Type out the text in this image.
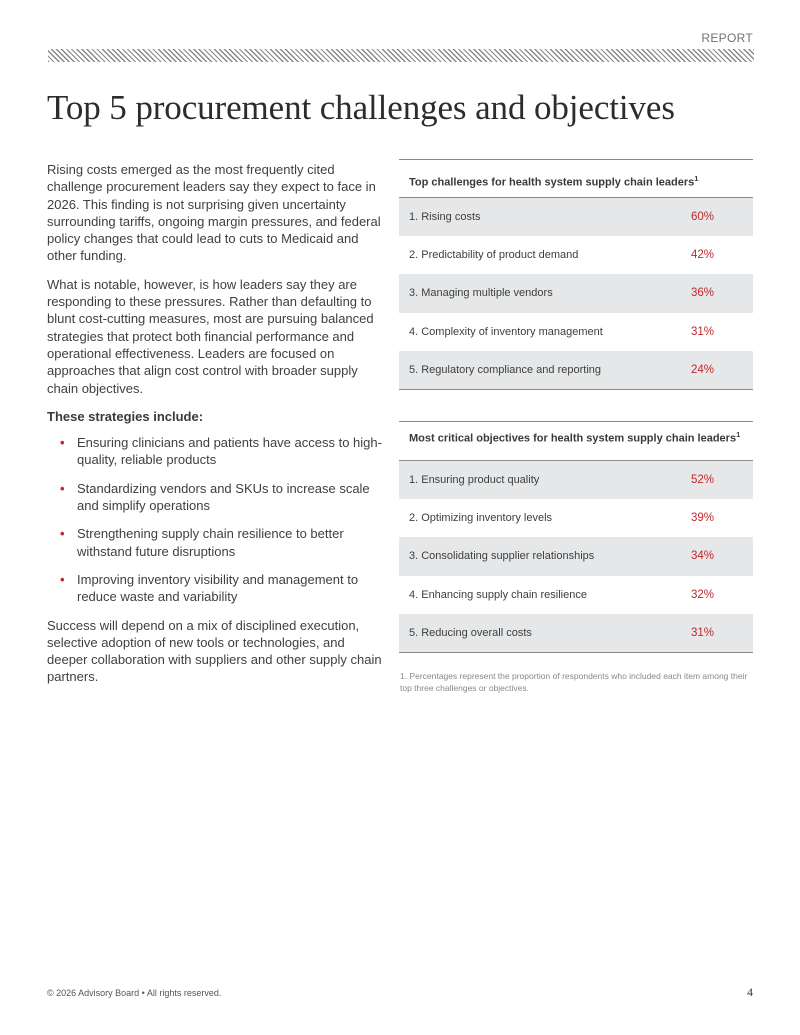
REPORT
Top 5 procurement challenges and objectives

Rising costs emerged as the most frequently cited challenge procurement leaders say they expect to face in 2026. This finding is not surprising given uncertainty surrounding tariffs, ongoing margin pressures, and federal policy changes that could lead to cuts to Medicaid and other funding.

What is notable, however, is how leaders say they are responding to these pressures. Rather than defaulting to blunt cost-cutting measures, most are pursuing balanced strategies that protect both financial performance and operational effectiveness. Leaders are focused on approaches that align cost control with broader supply chain objectives.

These strategies include:

• Ensuring clinicians and patients have access to high-quality, reliable products
• Standardizing vendors and SKUs to increase scale and simplify operations
• Strengthening supply chain resilience to better withstand future disruptions
• Improving inventory visibility and management to reduce waste and variability

Success will depend on a mix of disciplined execution, selective adoption of new tools or technologies, and deeper collaboration with suppliers and other supply chain partners.

Top challenges for health system supply chain leaders$^1$
1. Rising costs	60%
2. Predictability of product demand	42%
3. Managing multiple vendors	36%
4. Complexity of inventory management	31%
5. Regulatory compliance and reporting	24%
Most critical objectives for health system supply chain leaders$^1$
1. Ensuring product quality	52%
2. Optimizing inventory levels	39%
3. Consolidating supplier relationships	34%
4. Enhancing supply chain resilience	32%
5. Reducing overall costs	31%
1. Percentages represent the proportion of respondents who included each item among their top three challenges or objectives.
© 2026 Advisory Board • All rights reserved.	4
